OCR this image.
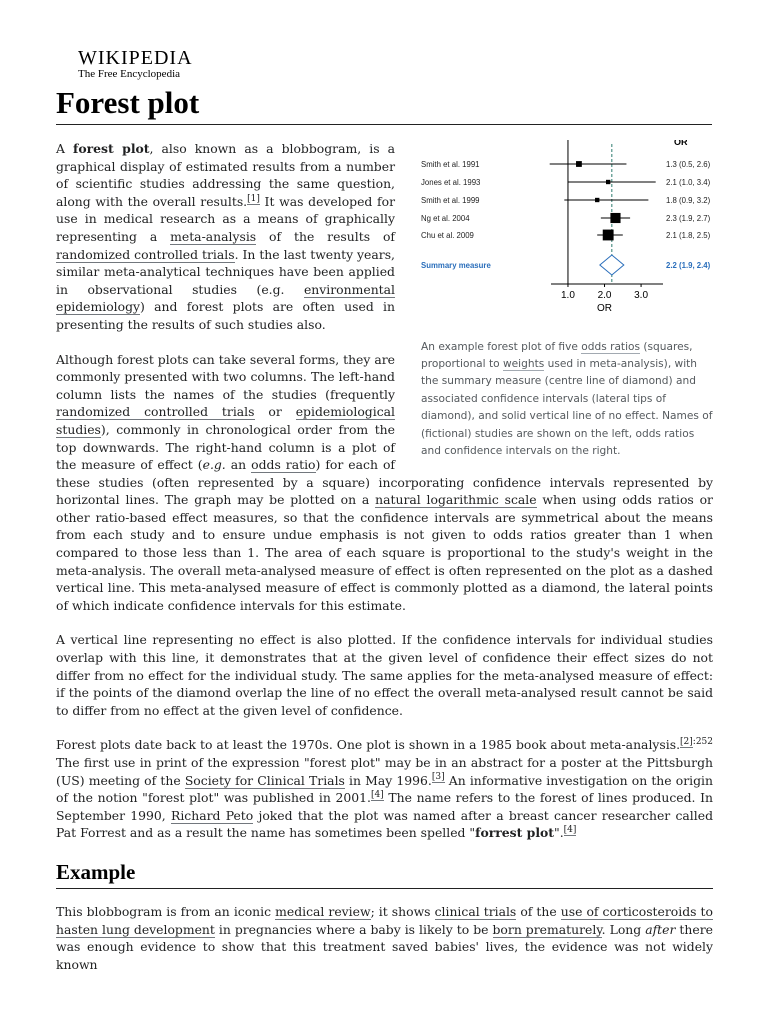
WIKIPEDIA
The Free Encyclopedia
Forest plot
OR
1.0 2.0 3.0
OR
Smith et al. 1991	1.3 (0.5, 2.6)
Jones et al. 1993	2.1 (1.0, 3.4)
Smith et al. 1999	1.8 (0.9, 3.2)
Ng et al. 2004	2.3 (1.9, 2.7)
Chu et al. 2009	2.1 (1.8, 2.5)
Summary measure	2.2 (1.9, 2.4)
An example forest plot of five odds ratios (squares, proportional to weights used in meta-analysis), with the summary measure (centre line of diamond) and associated confidence intervals (lateral tips of diamond), and solid vertical line of no effect. Names of (fictional) studies are shown on the left, odds ratios and confidence intervals on the right.

A forest plot, also known as a blobbogram, is a graphical display of estimated results from a number of scientific studies addressing the same question, along with the overall results.[1] It was developed for use in medical research as a means of graphically representing a meta-analysis of the results of randomized controlled trials. In the last twenty years, similar meta-analytical techniques have been applied in observational studies (e.g. environmental epidemiology) and forest plots are often used in presenting the results of such studies also.

Although forest plots can take several forms, they are commonly presented with two columns. The left-hand column lists the names of the studies (frequently randomized controlled trials or epidemiological studies), commonly in chronological order from the top downwards. The right-hand column is a plot of the measure of effect (e.g. an odds ratio) for each of these studies (often represented by a square) incorporating confidence intervals represented by horizontal lines. The graph may be plotted on a natural logarithmic scale when using odds ratios or other ratio-based effect measures, so that the confidence intervals are symmetrical about the means from each study and to ensure undue emphasis is not given to odds ratios greater than 1 when compared to those less than 1. The area of each square is proportional to the study's weight in the meta-analysis. The overall meta-analysed measure of effect is often represented on the plot as a dashed vertical line. This meta-analysed measure of effect is commonly plotted as a diamond, the lateral points of which indicate confidence intervals for this estimate.

A vertical line representing no effect is also plotted. If the confidence intervals for individual studies overlap with this line, it demonstrates that at the given level of confidence their effect sizes do not differ from no effect for the individual study. The same applies for the meta-analysed measure of effect: if the points of the diamond overlap the line of no effect the overall meta-analysed result cannot be said to differ from no effect at the given level of confidence.

Forest plots date back to at least the 1970s. One plot is shown in a 1985 book about meta-analysis.$^{[2]:252}$ The first use in print of the expression "forest plot" may be in an abstract for a poster at the Pittsburgh (US) meeting of the Society for Clinical Trials in May 1996.[3] An informative investigation on the origin of the notion "forest plot" was published in 2001.[4] The name refers to the forest of lines produced. In September 1990, Richard Peto joked that the plot was named after a breast cancer researcher called Pat Forrest and as a result the name has sometimes been spelled "forrest plot".[4]

Example

This blobbogram is from an iconic medical review; it shows clinical trials of the use of corticosteroids to hasten lung development in pregnancies where a baby is likely to be born prematurely. Long after there was enough evidence to show that this treatment saved babies' lives, the evidence was not widely known
